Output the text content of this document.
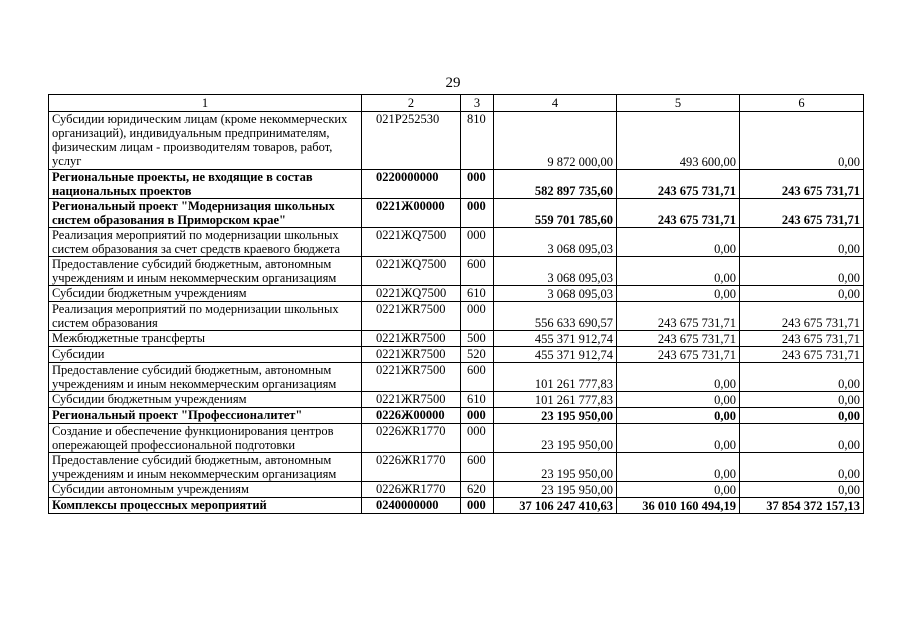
29
1	2	3	4	5	6
Субсидии юридическим лицам (кроме некоммерческих организаций), индивидуальным предпринимателям, физическим лицам - производителям товаров, работ, услуг	021Р252530	810	9 872 000,00	493 600,00	0,00
Региональные проекты, не входящие в состав национальных проектов	0220000000	000	582 897 735,60	243 675 731,71	243 675 731,71
Региональный проект "Модернизация школьных систем образования в Приморском крае"	0221Ж00000	000	559 701 785,60	243 675 731,71	243 675 731,71
Реализация мероприятий по модернизации школьных систем образования за счет средств краевого бюджета	0221ЖQ7500	000	3 068 095,03	0,00	0,00
Предоставление субсидий бюджетным, автономным учреждениям и иным некоммерческим организациям	0221ЖQ7500	600	3 068 095,03	0,00	0,00
Субсидии бюджетным учреждениям	0221ЖQ7500	610	3 068 095,03	0,00	0,00
Реализация мероприятий по модернизации школьных систем образования	0221ЖR7500	000	556 633 690,57	243 675 731,71	243 675 731,71
Межбюджетные трансферты	0221ЖR7500	500	455 371 912,74	243 675 731,71	243 675 731,71
Субсидии	0221ЖR7500	520	455 371 912,74	243 675 731,71	243 675 731,71
Предоставление субсидий бюджетным, автономным учреждениям и иным некоммерческим организациям	0221ЖR7500	600	101 261 777,83	0,00	0,00
Субсидии бюджетным учреждениям	0221ЖR7500	610	101 261 777,83	0,00	0,00
Региональный проект "Профессионалитет"	0226Ж00000	000	23 195 950,00	0,00	0,00
Создание и обеспечение функционирования центров опережающей профессиональной подготовки	0226ЖR1770	000	23 195 950,00	0,00	0,00
Предоставление субсидий бюджетным, автономным учреждениям и иным некоммерческим организациям	0226ЖR1770	600	23 195 950,00	0,00	0,00
Субсидии автономным учреждениям	0226ЖR1770	620	23 195 950,00	0,00	0,00
Комплексы процессных мероприятий	0240000000	000	37 106 247 410,63	36 010 160 494,19	37 854 372 157,13
